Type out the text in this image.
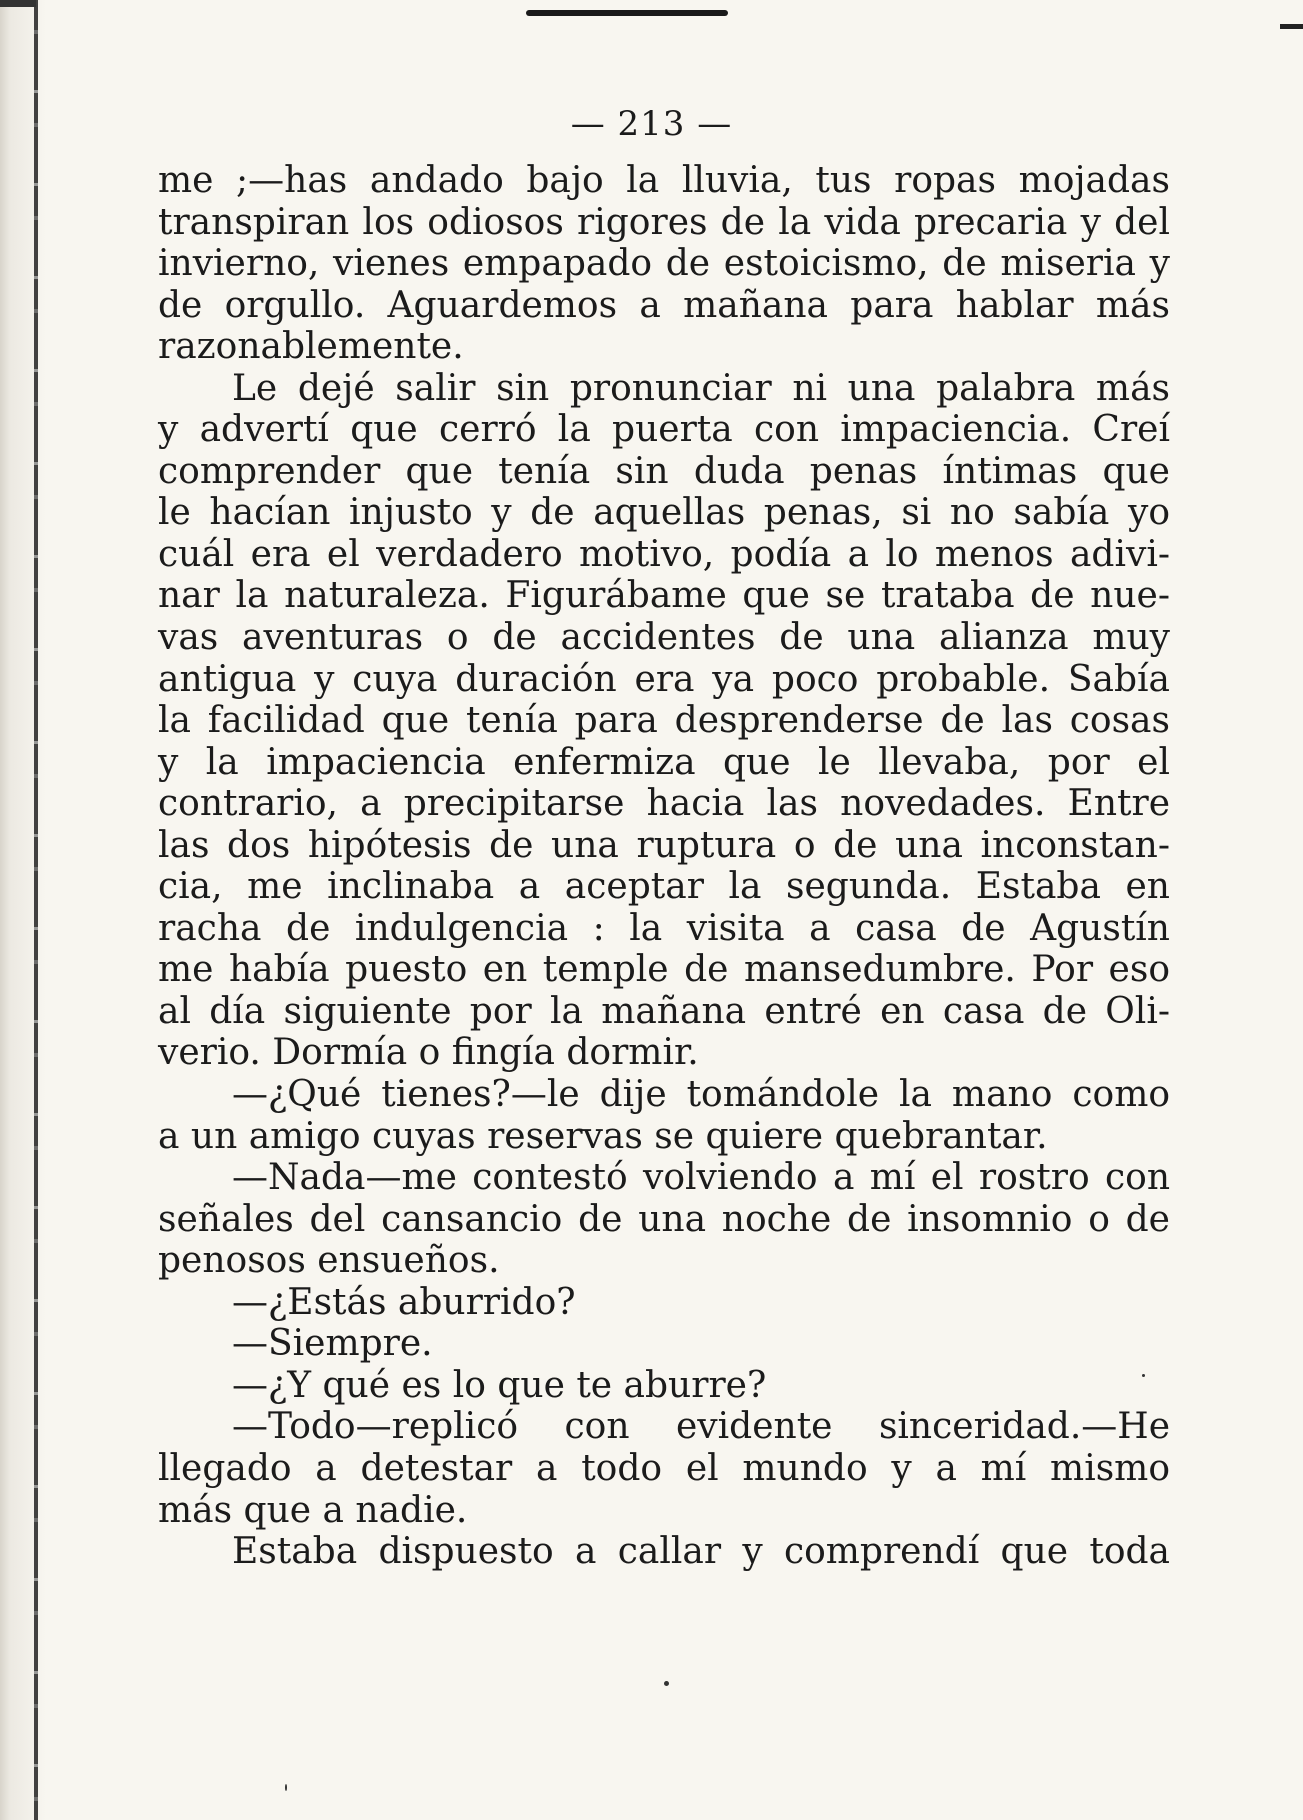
— 213 —
me ;—has andado bajo la lluvia, tus ropas mojadas
transpiran los odiosos rigores de la vida precaria y del
invierno, vienes empapado de estoicismo, de miseria y
de orgullo. Aguardemos a mañana para hablar más
razonablemente.
Le dejé salir sin pronunciar ni una palabra más
y advertí que cerró la puerta con impaciencia. Creí
comprender que tenía sin duda penas íntimas que
le hacían injusto y de aquellas penas, si no sabía yo
cuál era el verdadero motivo, podía a lo menos adivi-
nar la naturaleza. Figurábame que se trataba de nue-
vas aventuras o de accidentes de una alianza muy
antigua y cuya duración era ya poco probable. Sabía
la facilidad que tenía para desprenderse de las cosas
y la impaciencia enfermiza que le llevaba, por el
contrario, a precipitarse hacia las novedades. Entre
las dos hipótesis de una ruptura o de una inconstan-
cia, me inclinaba a aceptar la segunda. Estaba en
racha de indulgencia : la visita a casa de Agustín
me había puesto en temple de mansedumbre. Por eso
al día siguiente por la mañana entré en casa de Oli-
verio. Dormía o fingía dormir.
—¿Qué tienes?—le dije tomándole la mano como
a un amigo cuyas reservas se quiere quebrantar.
—Nada—me contestó volviendo a mí el rostro con
señales del cansancio de una noche de insomnio o de
penosos ensueños.
—¿Estás aburrido?
—Siempre.
—¿Y qué es lo que te aburre?
—Todo—replicó con evidente sinceridad.—He
llegado a detestar a todo el mundo y a mí mismo
más que a nadie.
Estaba dispuesto a callar y comprendí que toda
